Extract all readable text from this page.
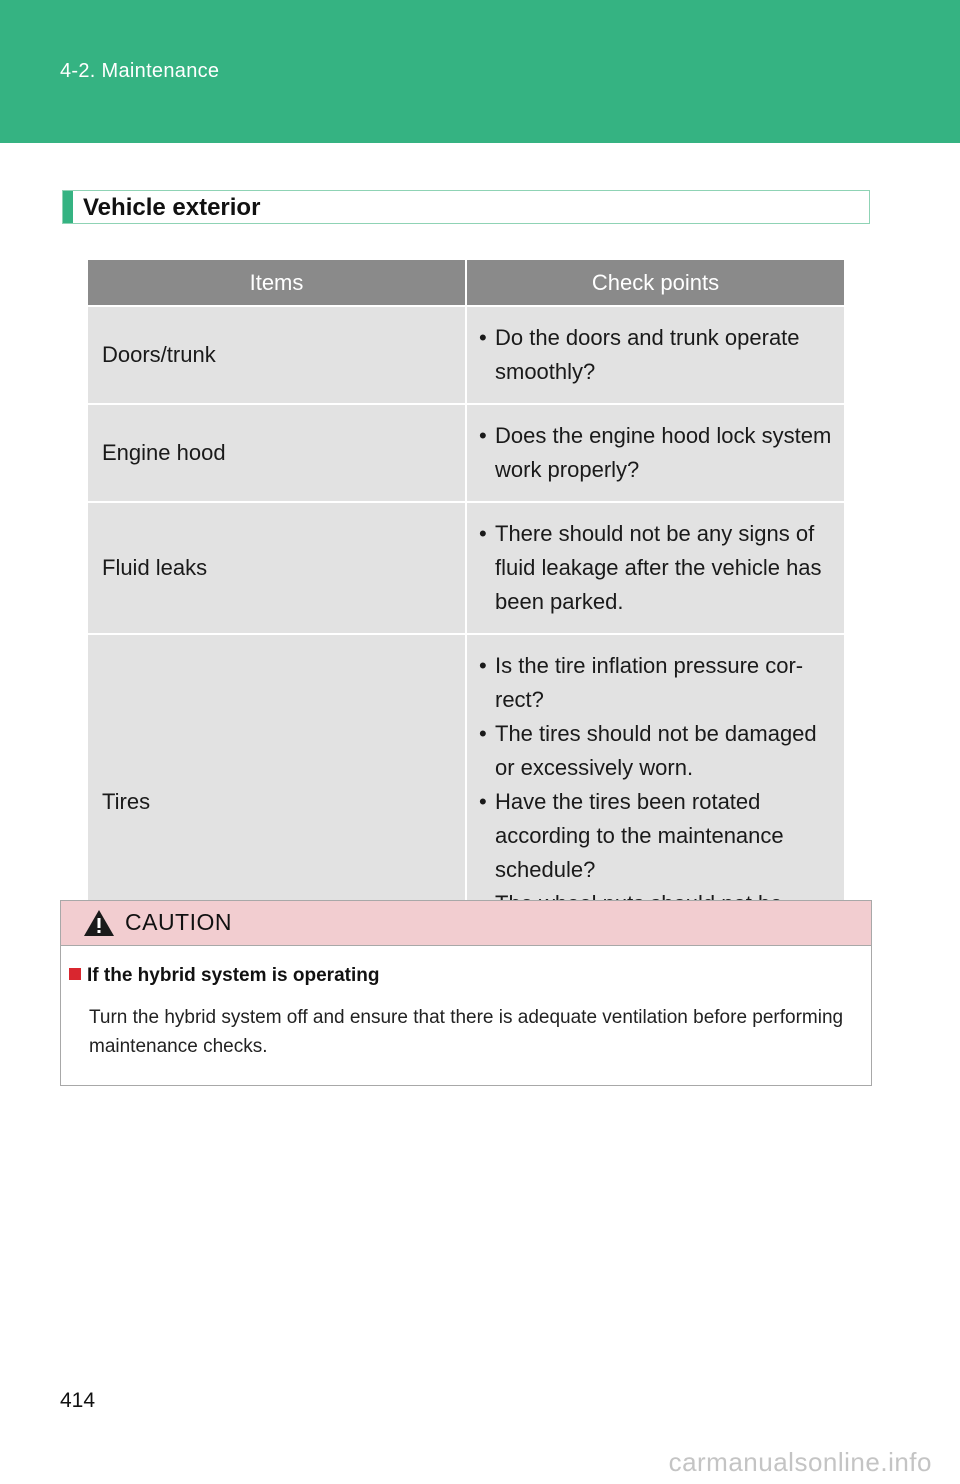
4-2. Maintenance
Vehicle exterior
Items	Check points
Doors/trunk	• Do the doors and trunk operate smoothly?

Engine hood	• Does the engine hood lock system work properly?

Fluid leaks	• There should not be any signs of fluid leakage after the vehicle has been parked.

Tires	• Is the tire inflation pressure cor-rect?
• The tires should not be damaged or excessively worn.
• Have the tires been rotated according to the maintenance schedule?
•
CAUTION
If the hybrid system is operating
Turn the hybrid system off and ensure that there is adequate ventilation before performing maintenance checks.
414
carmanualsonline.info
